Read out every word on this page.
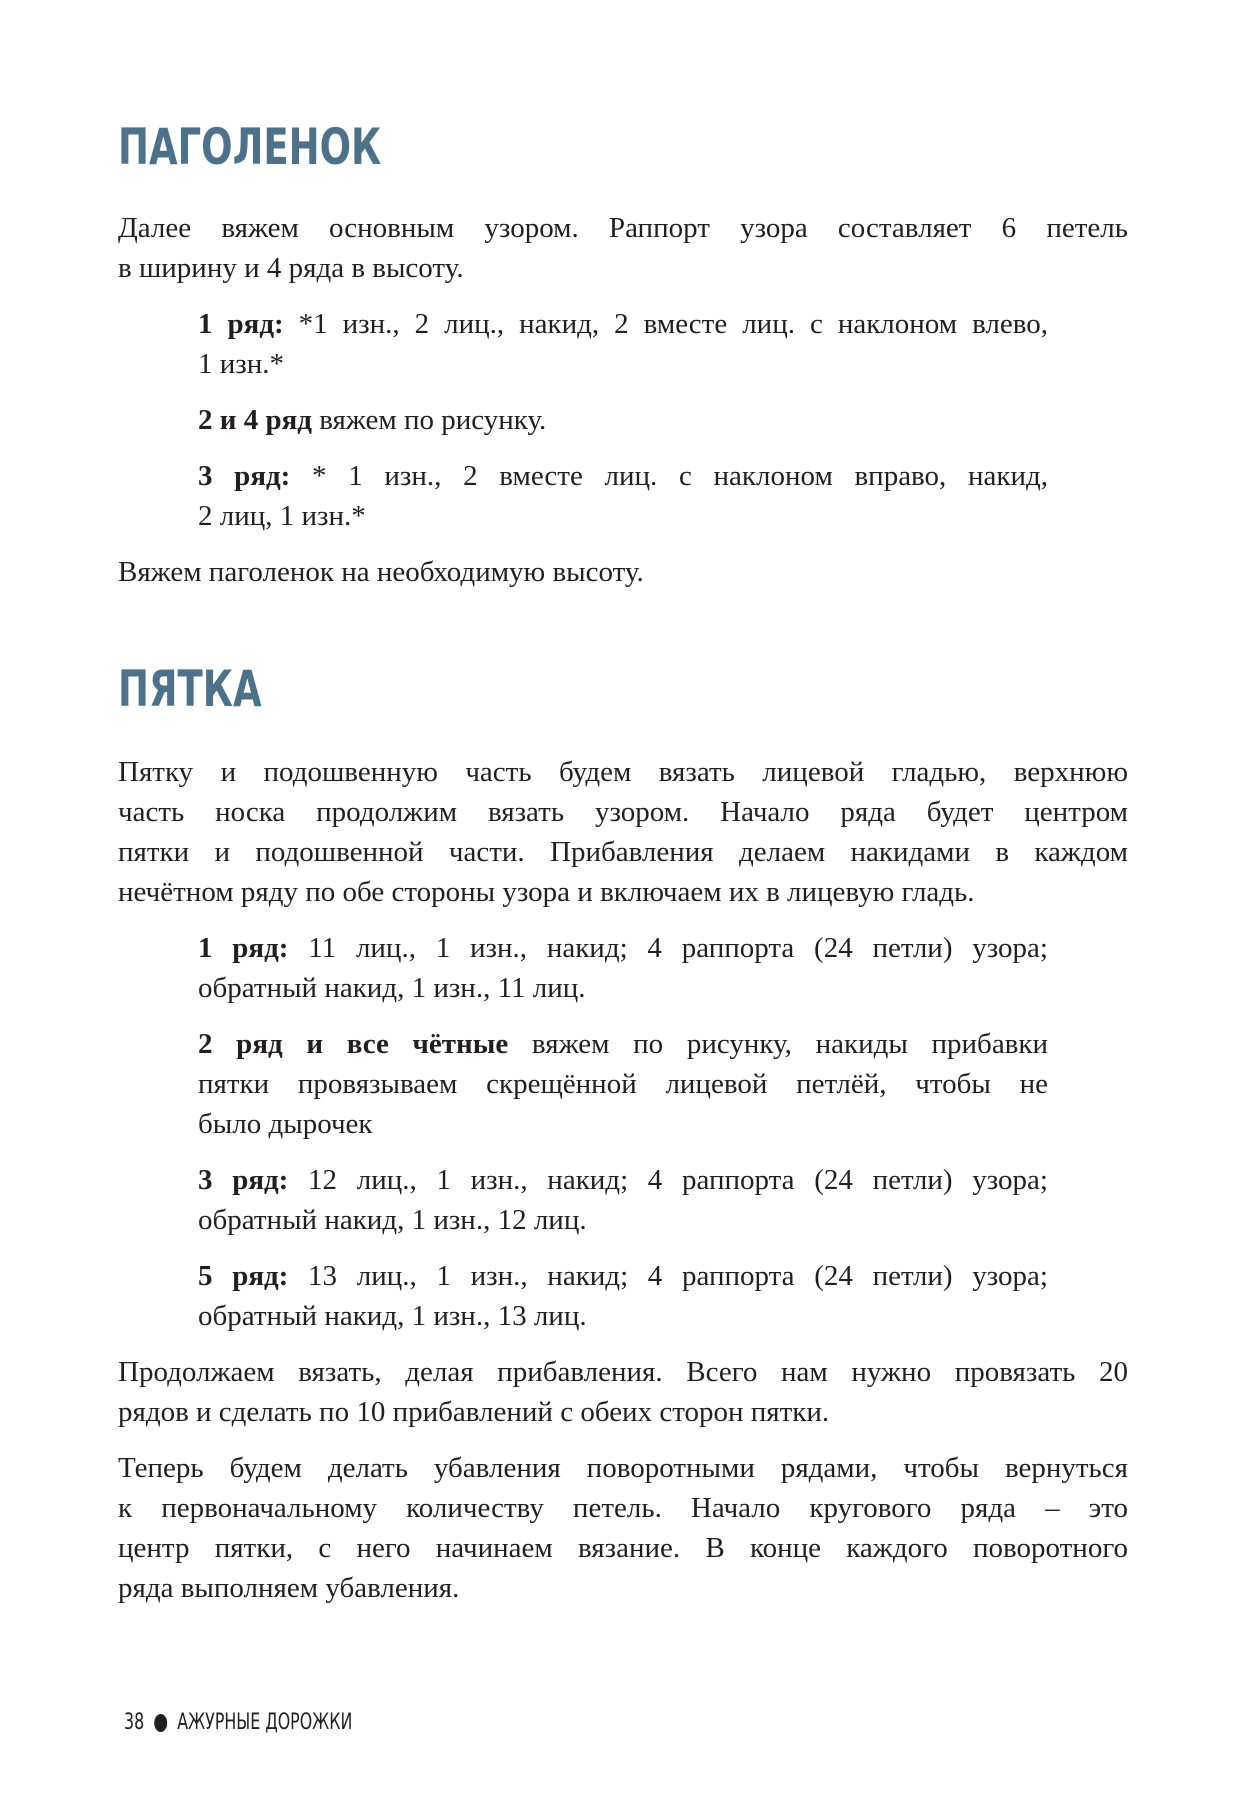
ПАГОЛЕНОК

Далее вяжем основным узором. Раппорт узора составляет 6 петель
в ширину и 4 ряда в высоту.

1 ряд: *1 изн., 2 лиц., накид, 2 вместе лиц. с наклоном влево,
1 изн.*

2 и 4 ряд вяжем по рисунку.

3 ряд: * 1 изн., 2 вместе лиц. с наклоном вправо, накид,
2 лиц, 1 изн.*

Вяжем паголенок на необходимую высоту.

ПЯТКА

Пятку и подошвенную часть будем вязать лицевой гладью, верхнюю
часть носка продолжим вязать узором. Начало ряда будет центром
пятки и подошвенной части. Прибавления делаем накидами в каждом
нечётном ряду по обе стороны узора и включаем их в лицевую гладь.

1 ряд: 11 лиц., 1 изн., накид; 4 раппорта (24 петли) узора;
обратный накид, 1 изн., 11 лиц.

2 ряд и все чётные вяжем по рисунку, накиды прибавки
пятки провязываем скрещённой лицевой петлёй, чтобы не
было дырочек

3 ряд: 12 лиц., 1 изн., накид; 4 раппорта (24 петли) узора;
обратный накид, 1 изн., 12 лиц.

5 ряд: 13 лиц., 1 изн., накид; 4 раппорта (24 петли) узора;
обратный накид, 1 изн., 13 лиц.

Продолжаем вязать, делая прибавления. Всего нам нужно провязать 20
рядов и сделать по 10 прибавлений с обеих сторон пятки.

Теперь будем делать убавления поворотными рядами, чтобы вернуться
к первоначальному количеству петель. Начало кругового ряда – это
центр пятки, с него начинаем вязание. В конце каждого поворотного
ряда выполняем убавления.

38 АЖУРНЫЕ ДОРОЖКИ
